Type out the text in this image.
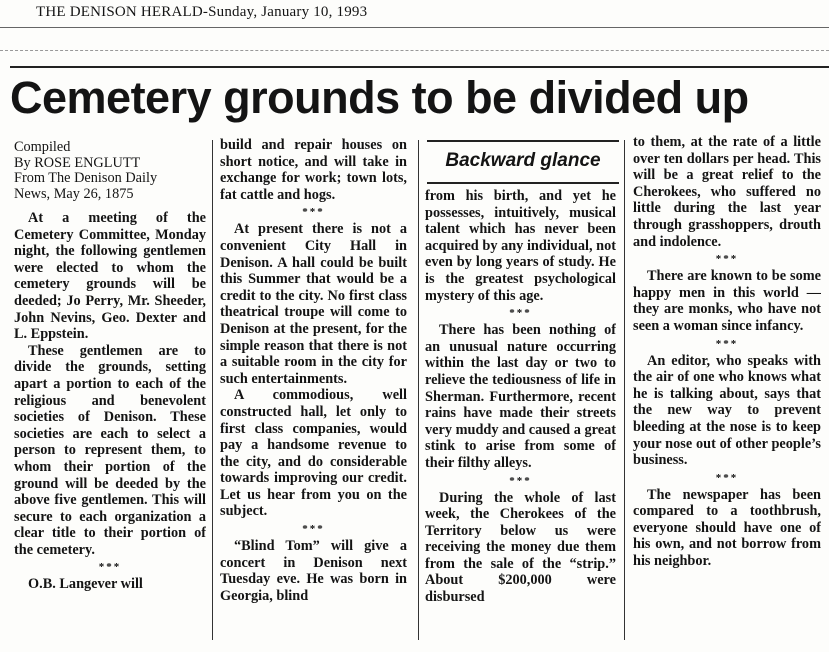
THE DENISON HERALD-Sunday, January 10, 1993
Cemetery grounds to be divided up
Compiled
By ROSE ENGLUTT
From The Denison Daily
News, May 26, 1875

At a meeting of the Cemetery Committee, Monday night, the following gentlemen were elected to whom the cemetery grounds will be deeded; Jo Perry, Mr. Sheeder, John Nevins, Geo. Dexter and L. Eppstein.

These gentlemen are to divide the grounds, setting apart a portion to each of the religious and benevolent societies of Denison. These societies are each to select a person to represent them, to whom their portion of the ground will be deeded by the above five gentlemen. This will secure to each organization a clear title to their portion of the cemetery.

***

O.B. Langever will

build and repair houses on short notice, and will take in exchange for work; town lots, fat cattle and hogs.

***

At present there is not a convenient City Hall in Denison. A hall could be built this Summer that would be a credit to the city. No first class theatrical troupe will come to Denison at the present, for the simple reason that there is not a suitable room in the city for such entertainments.

A commodious, well constructed hall, let only to first class companies, would pay a handsome revenue to the city, and do considerable towards improving our credit. Let us hear from you on the subject.

***

“Blind Tom” will give a concert in Denison next Tuesday eve. He was born in Georgia, blind

Backward glance

from his birth, and yet he possesses, intuitively, musical talent which has never been acquired by any individual, not even by long years of study. He is the greatest psychological mystery of this age.

***

There has been nothing of an unusual nature occurring within the last day or two to relieve the tediousness of life in Sherman. Furthermore, recent rains have made their streets very muddy and caused a great stink to arise from some of their filthy alleys.

***

During the whole of last week, the Cherokees of the Territory below us were receiving the money due them from the sale of the “strip.” About $200,000 were disbursed

to them, at the rate of a little over ten dollars per head. This will be a great relief to the Cherokees, who suffered no little during the last year through grasshoppers, drouth and indolence.

***

There are known to be some happy men in this world — they are monks, who have not seen a woman since infancy.

***

An editor, who speaks with the air of one who knows what he is talking about, says that the new way to prevent bleeding at the nose is to keep your nose out of other people’s business.

***

The newspaper has been compared to a toothbrush, everyone should have one of his own, and not borrow from his neighbor.
